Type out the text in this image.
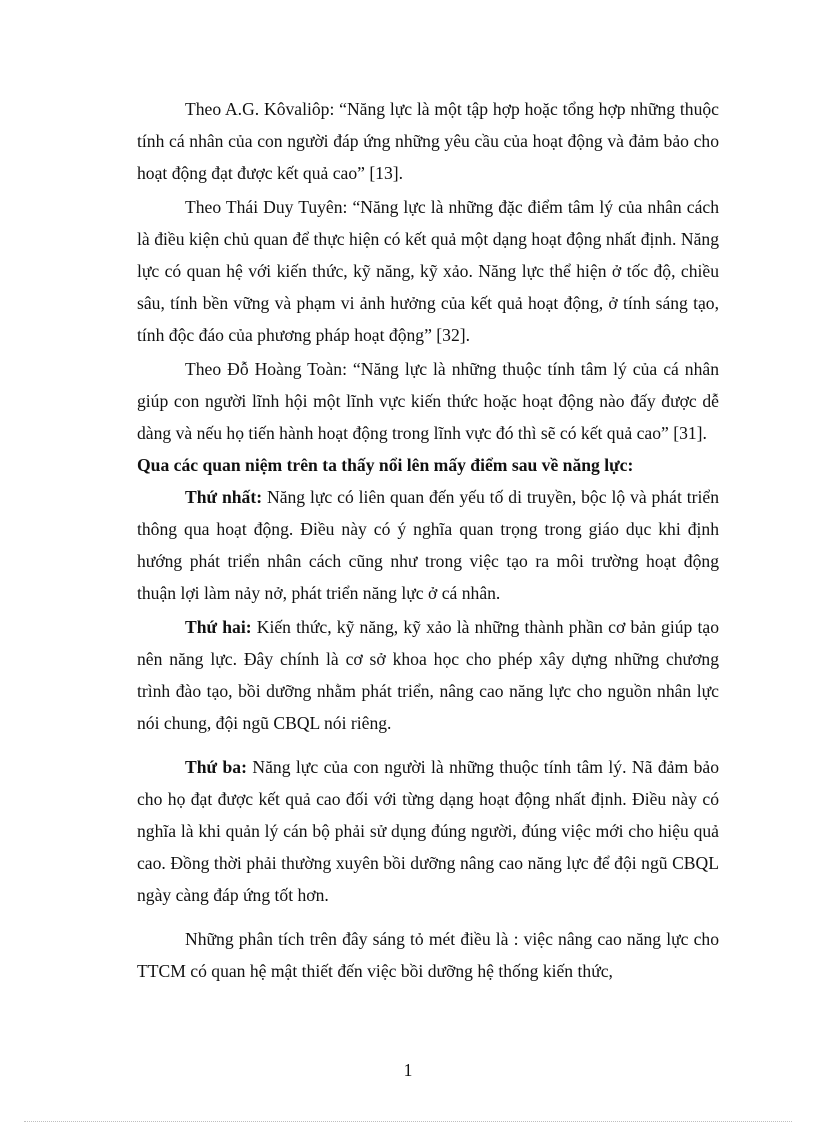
Theo A.G. Kôvaliôp: “Năng lực là một tập hợp hoặc tổng hợp những thuộc tính cá nhân của con người đáp ứng những yêu cầu của hoạt động và đảm bảo cho hoạt động đạt được kết quả cao” [13].

Theo Thái Duy Tuyên: “Năng lực là những đặc điểm tâm lý của nhân cách là điều kiện chủ quan để thực hiện có kết quả một dạng hoạt động nhất định. Năng lực có quan hệ với kiến thức, kỹ năng, kỹ xảo. Năng lực thể hiện ở tốc độ, chiều sâu, tính bền vững và phạm vi ảnh hưởng của kết quả hoạt động, ở tính sáng tạo, tính độc đáo của phương pháp hoạt động” [32].

Theo Đỗ Hoàng Toàn: “Năng lực là những thuộc tính tâm lý của cá nhân giúp con người lĩnh hội một lĩnh vực kiến thức hoặc hoạt động nào đấy được dễ dàng và nếu họ tiến hành hoạt động trong lĩnh vực đó thì sẽ có kết quả cao” [31].

Qua các quan niệm trên ta thấy nổi lên mấy điểm sau về năng lực:

Thứ nhất: Năng lực có liên quan đến yếu tố di truyền, bộc lộ và phát triển thông qua hoạt động. Điều này có ý nghĩa quan trọng trong giáo dục khi định hướng phát triển nhân cách cũng như trong việc tạo ra môi trường hoạt động thuận lợi làm nảy nở, phát triển năng lực ở cá nhân.

Thứ hai: Kiến thức, kỹ năng, kỹ xảo là những thành phần cơ bản giúp tạo nên năng lực. Đây chính là cơ sở khoa học cho phép xây dựng những chương trình đào tạo, bồi dưỡng nhằm phát triển, nâng cao năng lực cho nguồn nhân lực nói chung, đội ngũ CBQL nói riêng.

Thứ ba: Năng lực của con người là những thuộc tính tâm lý. Nã đảm bảo cho họ đạt được kết quả cao đối với từng dạng hoạt động nhất định. Điều này có nghĩa là khi quản lý cán bộ phải sử dụng đúng người, đúng việc mới cho hiệu quả cao. Đồng thời phải thường xuyên bồi dưỡng nâng cao năng lực để đội ngũ CBQL ngày càng đáp ứng tốt hơn.

Những phân tích trên đây sáng tỏ mét điều là : việc nâng cao năng lực cho TTCM có quan hệ mật thiết đến việc bồi dưỡng hệ thống kiến thức,

1
